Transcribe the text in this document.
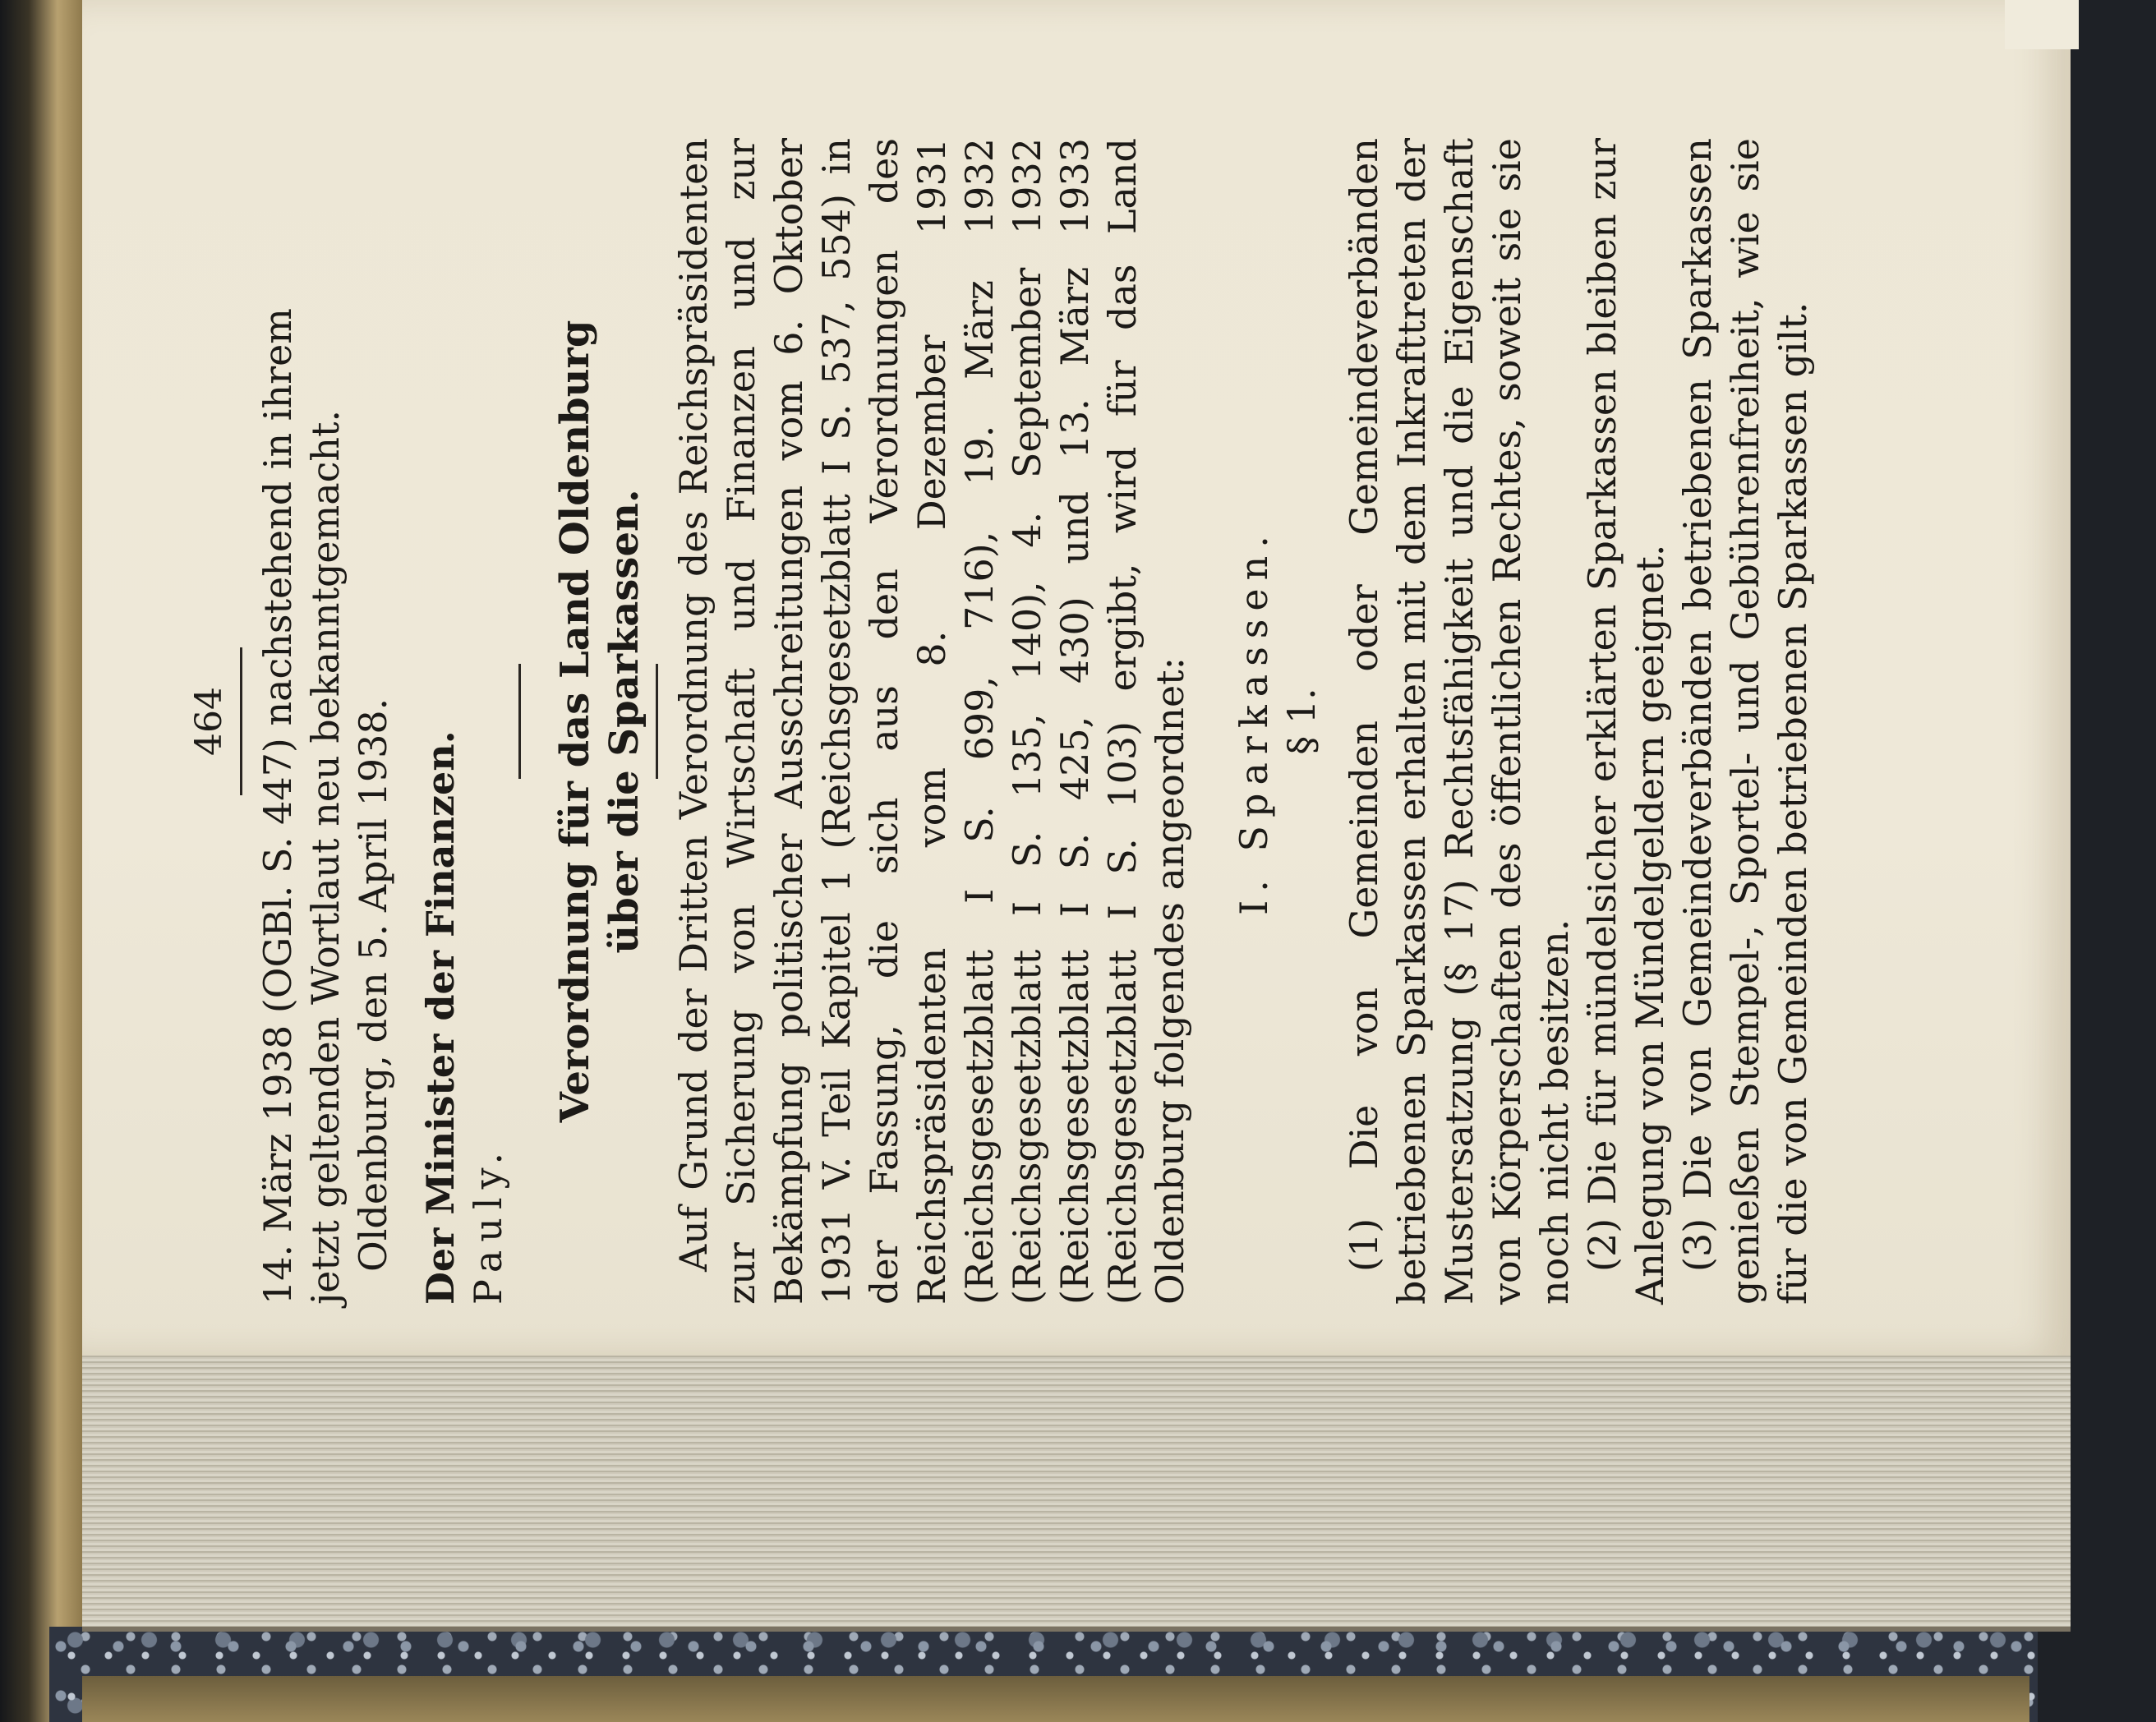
464 14. März 1938 (OGBl. S. 447) nachstehend in ihrem jetzt geltenden Wortlaut neu bekanntgemacht. Oldenburg, den 5. April 1938. Der Minister der Finanzen. Pauly.

Verordnung für das Land Oldenburg über die Sparkassen. Auf Grund der Dritten Verordnung des Reichspräsidenten zur Sicherung von Wirtschaft und Finanzen und zur Bekämpfung politischer Ausschreitungen vom 6. Oktober 1931 V. Teil Kapitel 1 (Reichsgesetzblatt I S. 537, 554) in der Fassung, die sich aus den Verordnungen des Reichspräsidenten vom 8. Dezember 1931 (Reichsgesetzblatt I S. 699, 716), 19. März 1932 (Reichsgesetzblatt I S. 135, 140), 4. September 1932 (Reichsgesetzblatt I S. 425, 430) und 13. März 1933 (Reichsgesetzblatt I S. 103) ergibt, wird für das Land Oldenburg folgendes angeordnet: I. Sparkassen. § 1. (1) Die von Gemeinden oder Gemeindeverbänden betriebenen Sparkassen erhalten mit dem Inkrafttreten der Mustersatzung (§ 17) Rechtsfähigkeit und die Eigenschaft von Körperschaften des öffentlichen Rechtes, soweit sie sie noch nicht besitzen. (2) Die für mündelsicher erklärten Sparkassen bleiben zur Anlegung von Mündelgeldern geeignet. (3) Die von Gemeindeverbänden betriebenen Sparkassen genießen Stempel-, Sportel- und Gebührenfreiheit, wie sie für die von Gemeinden betriebenen Sparkassen gilt.
